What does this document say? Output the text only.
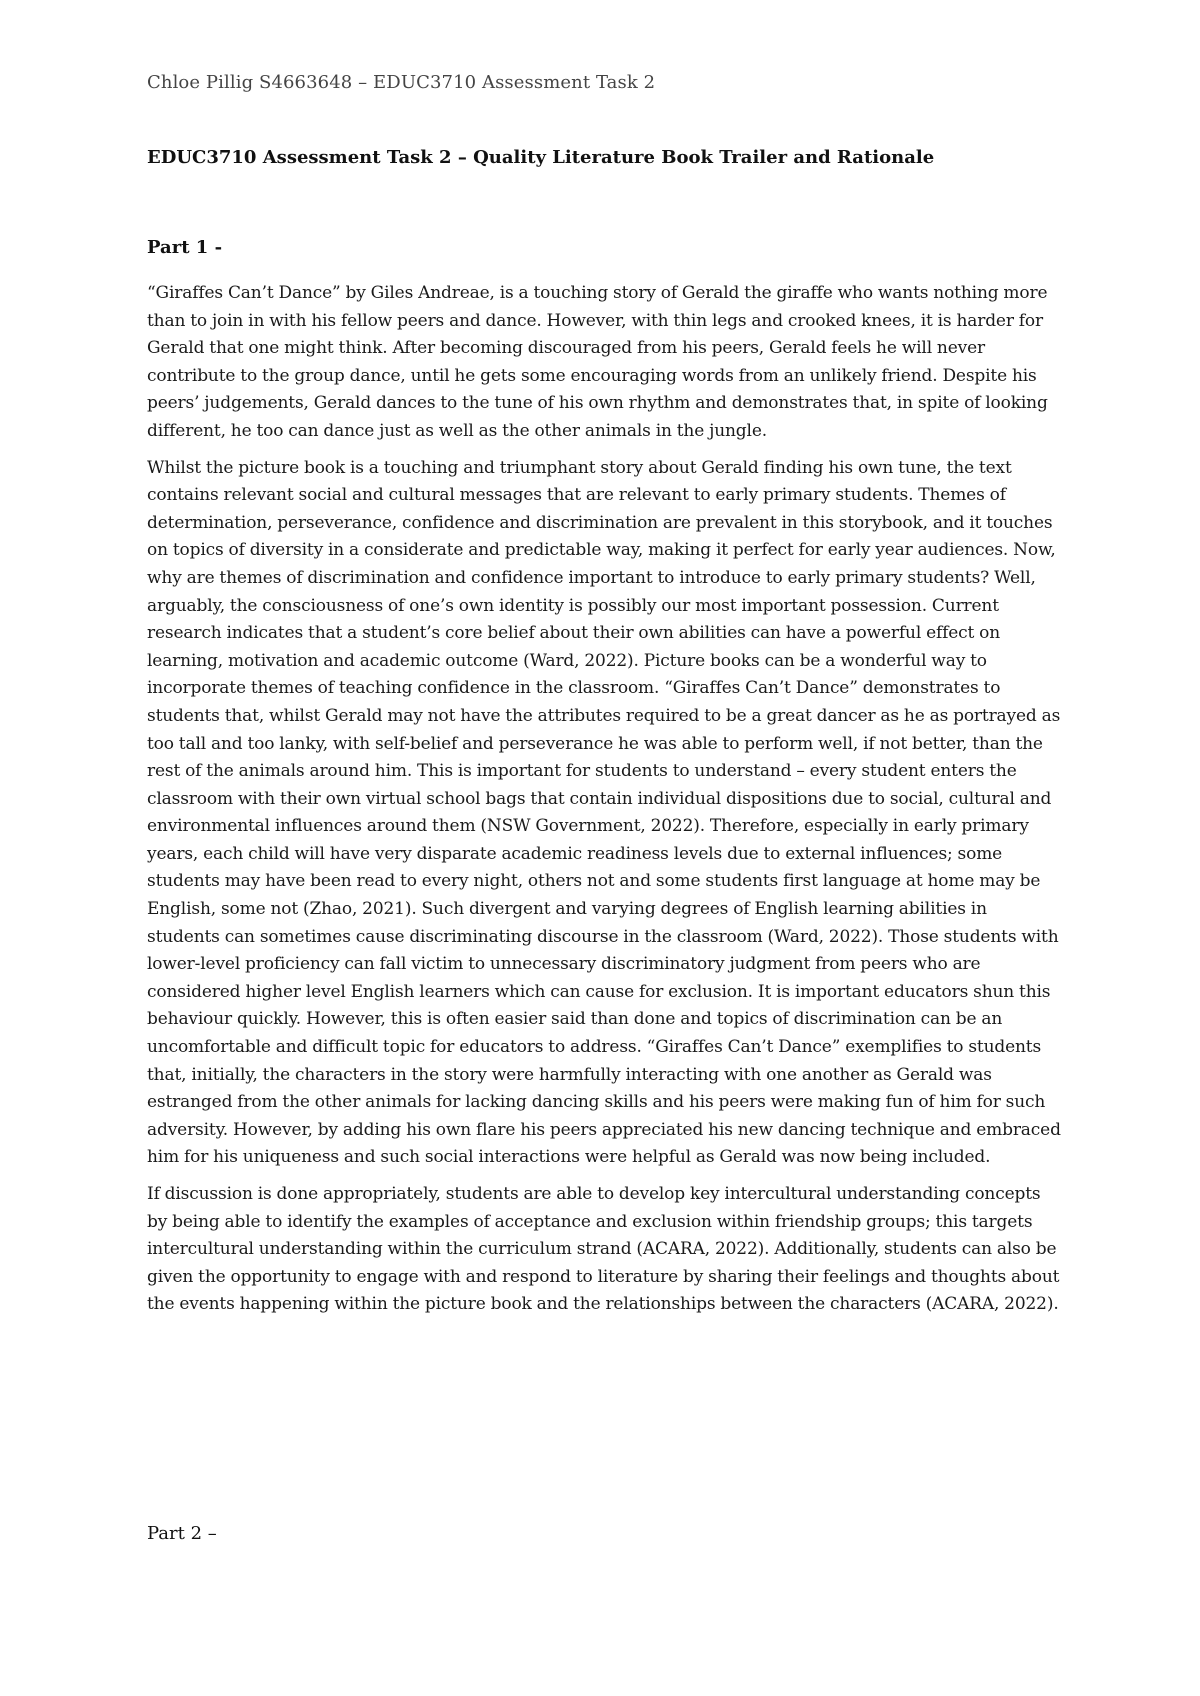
Chloe Pillig S4663648 – EDUC3710 Assessment Task 2
EDUC3710 Assessment Task 2 – Quality Literature Book Trailer and Rationale
Part 1 -

“Giraffes Can’t Dance” by Giles Andreae, is a touching story of Gerald the giraffe who wants nothing more than to join in with his fellow peers and dance. However, with thin legs and crooked knees, it is harder for Gerald that one might think. After becoming discouraged from his peers, Gerald feels he will never contribute to the group dance, until he gets some encouraging words from an unlikely friend. Despite his peers’ judgements, Gerald dances to the tune of his own rhythm and demonstrates that, in spite of looking different, he too can dance just as well as the other animals in the jungle.

Whilst the picture book is a touching and triumphant story about Gerald finding his own tune, the text contains relevant social and cultural messages that are relevant to early primary students. Themes of determination, perseverance, confidence and discrimination are prevalent in this storybook, and it touches on topics of diversity in a considerate and predictable way, making it perfect for early year audiences. Now, why are themes of discrimination and confidence important to introduce to early primary students? Well, arguably, the consciousness of one’s own identity is possibly our most important possession. Current research indicates that a student’s core belief about their own abilities can have a powerful effect on learning, motivation and academic outcome (Ward, 2022). Picture books can be a wonderful way to incorporate themes of teaching confidence in the classroom. “Giraffes Can’t Dance” demonstrates to students that, whilst Gerald may not have the attributes required to be a great dancer as he as portrayed as too tall and too lanky, with self-belief and perseverance he was able to perform well, if not better, than the rest of the animals around him. This is important for students to understand – every student enters the classroom with their own virtual school bags that contain individual dispositions due to social, cultural and environmental influences around them (NSW Government, 2022). Therefore, especially in early primary years, each child will have very disparate academic readiness levels due to external influences; some students may have been read to every night, others not and some students first language at home may be English, some not (Zhao, 2021). Such divergent and varying degrees of English learning abilities in students can sometimes cause discriminating discourse in the classroom (Ward, 2022). Those students with lower-level proficiency can fall victim to unnecessary discriminatory judgment from peers who are considered higher level English learners which can cause for exclusion. It is important educators shun this behaviour quickly. However, this is often easier said than done and topics of discrimination can be an uncomfortable and difficult topic for educators to address. “Giraffes Can’t Dance” exemplifies to students that, initially, the characters in the story were harmfully interacting with one another as Gerald was estranged from the other animals for lacking dancing skills and his peers were making fun of him for such adversity. However, by adding his own flare his peers appreciated his new dancing technique and embraced him for his uniqueness and such social interactions were helpful as Gerald was now being included.

If discussion is done appropriately, students are able to develop key intercultural understanding concepts by being able to identify the examples of acceptance and exclusion within friendship groups; this targets intercultural understanding within the curriculum strand (ACARA, 2022). Additionally, students can also be given the opportunity to engage with and respond to literature by sharing their feelings and thoughts about the events happening within the picture book and the relationships between the characters (ACARA, 2022).

Part 2 –
